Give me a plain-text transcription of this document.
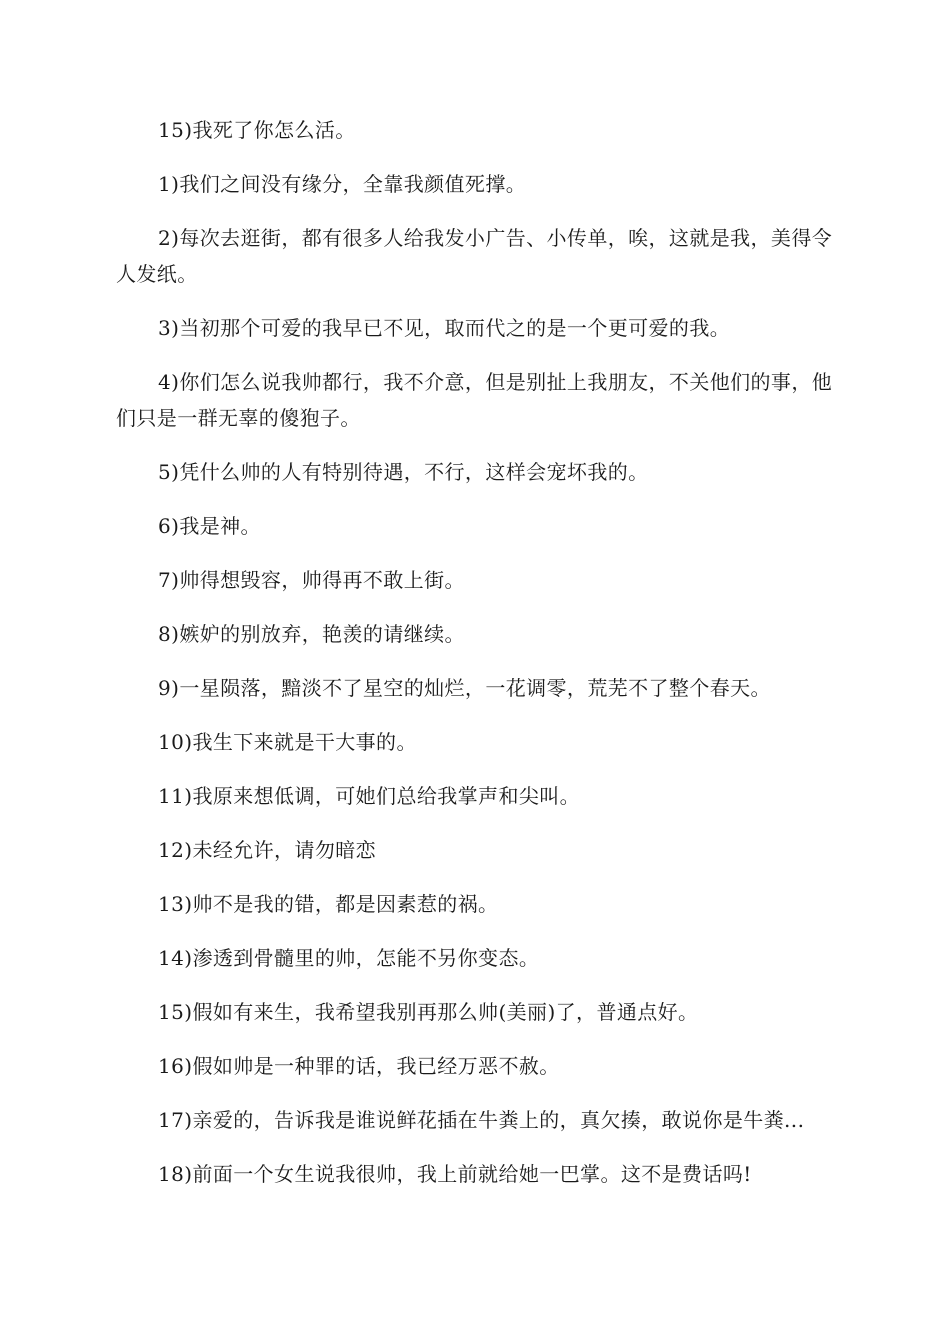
15)我死了你怎么活。

1)我们之间没有缘分，全靠我颜值死撑。

2)每次去逛街，都有很多人给我发小广告、小传单，唉，这就是我，美得令人发纸。

3)当初那个可爱的我早已不见，取而代之的是一个更可爱的我。

4)你们怎么说我帅都行，我不介意，但是别扯上我朋友，不关他们的事，他们只是一群无辜的傻狍子。

5)凭什么帅的人有特别待遇，不行，这样会宠坏我的。

6)我是神。

7)帅得想毁容，帅得再不敢上街。

8)嫉妒的别放弃，艳羡的请继续。

9)一星陨落，黯淡不了星空的灿烂，一花调零，荒芜不了整个春天。

10)我生下来就是干大事的。

11)我原来想低调，可她们总给我掌声和尖叫。

12)未经允许，请勿暗恋

13)帅不是我的错，都是因素惹的祸。

14)渗透到骨髓里的帅，怎能不另你变态。

15)假如有来生，我希望我别再那么帅(美丽)了，普通点好。

16)假如帅是一种罪的话，我已经万恶不赦。

17)亲爱的，告诉我是谁说鲜花插在牛粪上的，真欠揍，敢说你是牛粪...

18)前面一个女生说我很帅，我上前就给她一巴掌。这不是费话吗!
